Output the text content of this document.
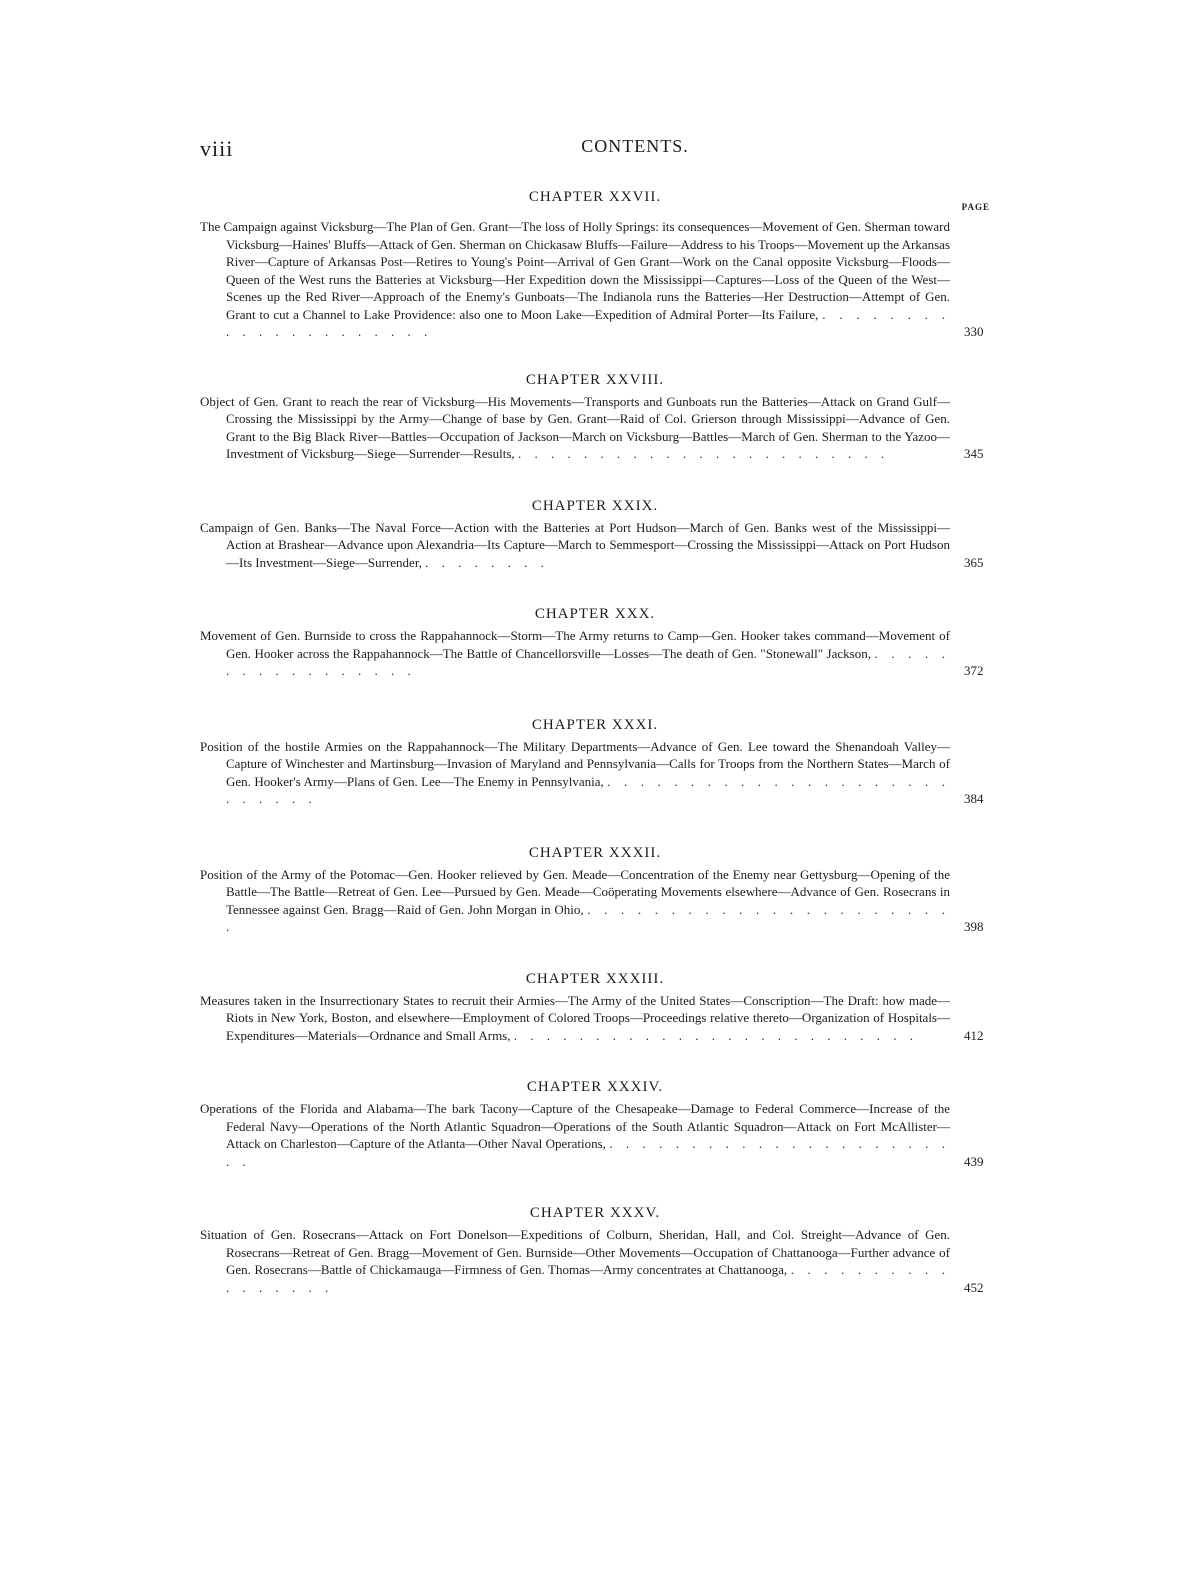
viii	CONTENTS.
CHAPTER XXVII.
PAGE
The Campaign against Vicksburg—The Plan of Gen. Grant—The loss of Holly Springs: its consequences—Movement of Gen. Sherman toward Vicksburg—Haines' Bluffs—Attack of Gen. Sherman on Chickasaw Bluffs—Failure—Address to his Troops—Movement up the Arkansas River—Capture of Arkansas Post—Retires to Young's Point—Arrival of Gen Grant—Work on the Canal opposite Vicksburg—Floods—Queen of the West runs the Batteries at Vicksburg—Her Expedition down the Mississippi—Captures—Loss of the Queen of the West—Scenes up the Red River—Approach of the Enemy's Gunboats—The Indianola runs the Batteries—Her Destruction—Attempt of Gen. Grant to cut a Channel to Lake Providence: also one to Moon Lake—Expedition of Admiral Porter—Its Failure, . . . . . . . . . . . . . . . . . . . . .	330
CHAPTER XXVIII.
Object of Gen. Grant to reach the rear of Vicksburg—His Movements—Transports and Gunboats run the Batteries—Attack on Grand Gulf—Crossing the Mississippi by the Army—Change of base by Gen. Grant—Raid of Col. Grierson through Mississippi—Advance of Gen. Grant to the Big Black River—Battles—Occupation of Jackson—March on Vicksburg—Battles—March of Gen. Sherman to the Yazoo—Investment of Vicksburg—Siege—Surrender—Results, . . . . . . . . . . . . . . . . . . . . . . .	345
CHAPTER XXIX.
Campaign of Gen. Banks—The Naval Force—Action with the Batteries at Port Hudson—March of Gen. Banks west of the Mississippi—Action at Brashear—Advance upon Alexandria—Its Capture—March to Semmesport—Crossing the Mississippi—Attack on Port Hudson—Its Investment—Siege—Surrender, . . . . . . . .	365
CHAPTER XXX.
Movement of Gen. Burnside to cross the Rappahannock—Storm—The Army returns to Camp—Gen. Hooker takes command—Movement of Gen. Hooker across the Rappahannock—The Battle of Chancellorsville—Losses—The death of Gen. "Stonewall" Jackson, . . . . . . . . . . . . . . . . .	372
CHAPTER XXXI.
Position of the hostile Armies on the Rappahannock—The Military Departments—Advance of Gen. Lee toward the Shenandoah Valley—Capture of Winchester and Martinsburg—Invasion of Maryland and Pennsylvania—Calls for Troops from the Northern States—March of Gen. Hooker's Army—Plans of Gen. Lee—The Enemy in Pennsylvania, . . . . . . . . . . . . . . . . . . . . . . . . . . .	384
CHAPTER XXXII.
Position of the Army of the Potomac—Gen. Hooker relieved by Gen. Meade—Concentration of the Enemy near Gettysburg—Opening of the Battle—The Battle—Retreat of Gen. Lee—Pursued by Gen. Meade—Coöperating Movements elsewhere—Advance of Gen. Rosecrans in Tennessee against Gen. Bragg—Raid of Gen. John Morgan in Ohio, . . . . . . . . . . . . . . . . . . . . . . .	398
CHAPTER XXXIII.
Measures taken in the Insurrectionary States to recruit their Armies—The Army of the United States—Conscription—The Draft: how made—Riots in New York, Boston, and elsewhere—Employment of Colored Troops—Proceedings relative thereto—Organization of Hospitals—Expenditures—Materials—Ordnance and Small Arms, . . . . . . . . . . . . . . . . . . . . . . . . .	412
CHAPTER XXXIV.
Operations of the Florida and Alabama—The bark Tacony—Capture of the Chesapeake—Damage to Federal Commerce—Increase of the Federal Navy—Operations of the North Atlantic Squadron—Operations of the South Atlantic Squadron—Attack on Fort McAllister—Attack on Charleston—Capture of the Atlanta—Other Naval Operations, . . . . . . . . . . . . . . . . . . . . . . .	439
CHAPTER XXXV.
Situation of Gen. Rosecrans—Attack on Fort Donelson—Expeditions of Colburn, Sheridan, Hall, and Col. Streight—Advance of Gen. Rosecrans—Retreat of Gen. Bragg—Movement of Gen. Burnside—Other Movements—Occupation of Chattanooga—Further advance of Gen. Rosecrans—Battle of Chickamauga—Firmness of Gen. Thomas—Army concentrates at Chattanooga, . . . . . . . . . . . . . . . . .	452
